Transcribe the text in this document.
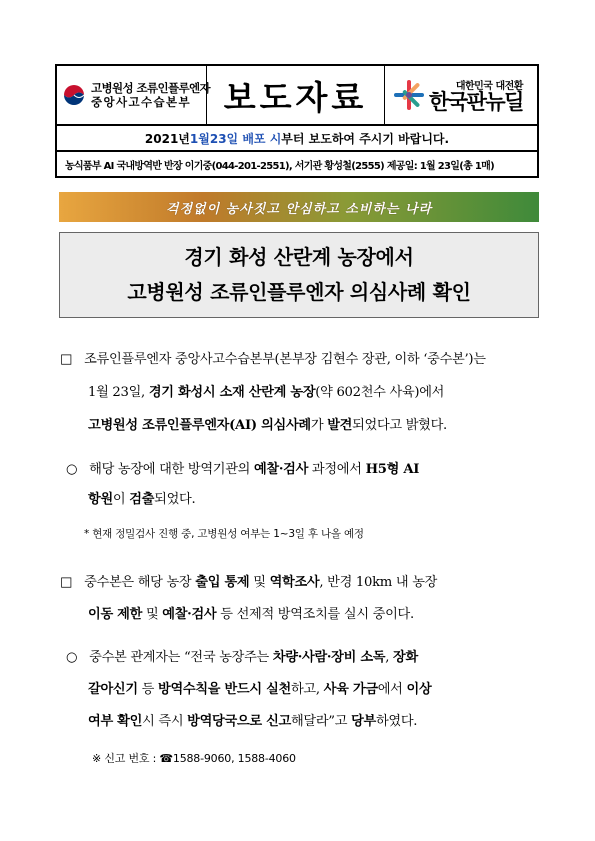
고병원성 조류인플루엔자
중앙사고수습본부 보도자료	대한민국 대전환
한국판뉴딜
2021년 1월 23일 배포 시 부터 보도하여 주시기 바랍니다.
농식품부 AI 국내방역반 반장 이기중(044-201-2551), 서기관 황성철(2555) 제공일: 1월 23일(총 1매)
걱정없이 농사짓고 안심하고 소비하는 나라
경기 화성 산란계 농장에서
고병원성 조류인플루엔자 의심사례 확인
□ 조류인플루엔자 중앙사고수습본부(본부장 김현수 장관, 이하 ‘중수본’)는
1월 23일, 경기 화성시 소재 산란계 농장(약 602천수 사육)에서
고병원성 조류인플루엔자(AI) 의심사례가 발견되었다고 밝혔다.
○ 해당 농장에 대한 방역기관의 예찰·검사 과정에서 H5형 AI
항원이 검출되었다.
* 현재 정밀검사 진행 중, 고병원성 여부는 1~3일 후 나올 예정
□ 중수본은 해당 농장 출입 통제 및 역학조사, 반경 10km 내 농장
이동 제한 및 예찰·검사 등 선제적 방역조치를 실시 중이다.
○ 중수본 관계자는 “전국 농장주는 차량·사람·장비 소독, 장화
갈아신기 등 방역수칙을 반드시 실천하고, 사육 가금에서 이상
여부 확인시 즉시 방역당국으로 신고해달라”고 당부하였다.
※ 신고 번호 : ☎1588-9060, 1588-4060
